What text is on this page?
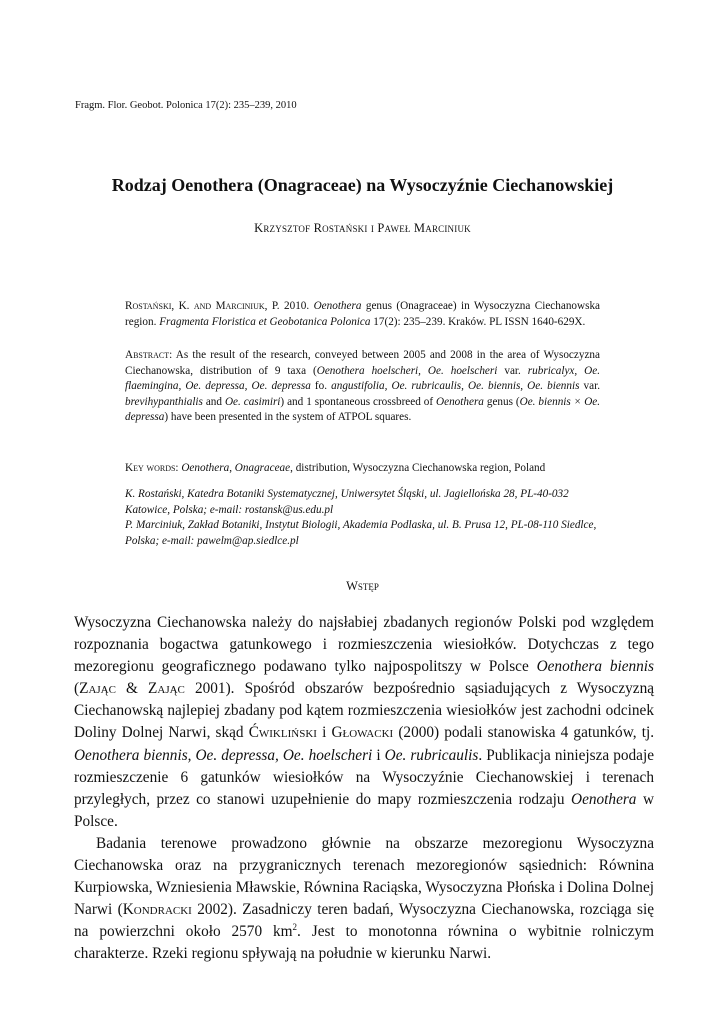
Fragm. Flor. Geobot. Polonica 17(2): 235–239, 2010
Rodzaj Oenothera (Onagraceae) na Wysoczyźnie Ciechanowskiej
Krzysztof Rostański i Paweł Marciniuk
Rostański, K. and Marciniuk, P. 2010. Oenothera genus (Onagraceae) in Wysoczyzna Ciechanowska region. Fragmenta Floristica et Geobotanica Polonica 17(2): 235–239. Kraków. PL ISSN 1640-629X.
Abstract: As the result of the research, conveyed between 2005 and 2008 in the area of Wysoczyzna Ciechanowska, distribution of 9 taxa (Oenothera hoelscheri, Oe. hoelscheri var. rubricalyx, Oe. flaemingina, Oe. depressa, Oe. depressa fo. angustifolia, Oe. rubricaulis, Oe. biennis, Oe. biennis var. brevihypanthialis and Oe. casimiri) and 1 spontaneous crossbreed of Oenothera genus (Oe. biennis × Oe. depressa) have been presented in the system of ATPOL squares.
Key words: Oenothera, Onagraceae, distribution, Wysoczyzna Ciechanowska region, Poland

K. Rostański, Katedra Botaniki Systematycznej, Uniwersytet Śląski, ul. Jagiellońska 28, PL-40-032 Katowice, Polska; e-mail: rostansk@us.edu.pl

P. Marciniuk, Zakład Botaniki, Instytut Biologii, Akademia Podlaska, ul. B. Prusa 12, PL-08-110 Siedlce, Polska; e-mail: pawelm@ap.siedlce.pl

Wstęp

Wysoczyzna Ciechanowska należy do najsłabiej zbadanych regionów Polski pod względem rozpoznania bogactwa gatunkowego i rozmieszczenia wiesiołków. Dotychczas z tego mezoregionu geograficznego podawano tylko najpospolitszy w Polsce Oenothera biennis (Zając & Zając 2001). Spośród obszarów bezpośrednio sąsiadujących z Wysoczyzną Ciechanowską najlepiej zbadany pod kątem rozmieszczenia wiesiołków jest zachodni odcinek Doliny Dolnej Narwi, skąd Ćwikliński i Głowacki (2000) podali stanowiska 4 gatunków, tj. Oenothera biennis, Oe. depressa, Oe. hoelscheri i Oe. rubricaulis. Publikacja niniejsza podaje rozmieszczenie 6 gatunków wiesiołków na Wysoczyźnie Ciechanowskiej i terenach przyległych, przez co stanowi uzupełnienie do mapy rozmieszczenia rodzaju Oenothera w Polsce.

Badania terenowe prowadzono głównie na obszarze mezoregionu Wysoczyzna Ciechanowska oraz na przygranicznych terenach mezoregionów sąsiednich: Równina Kurpiowska, Wzniesienia Mławskie, Równina Raciąska, Wysoczyzna Płońska i Dolina Dolnej Narwi (Kondracki 2002). Zasadniczy teren badań, Wysoczyzna Ciechanowska, rozciąga się na powierzchni około 2570 $km^2$. Jest to monotonna równina o wybitnie rolniczym charakterze. Rzeki regionu spływają na południe w kierunku Narwi.
